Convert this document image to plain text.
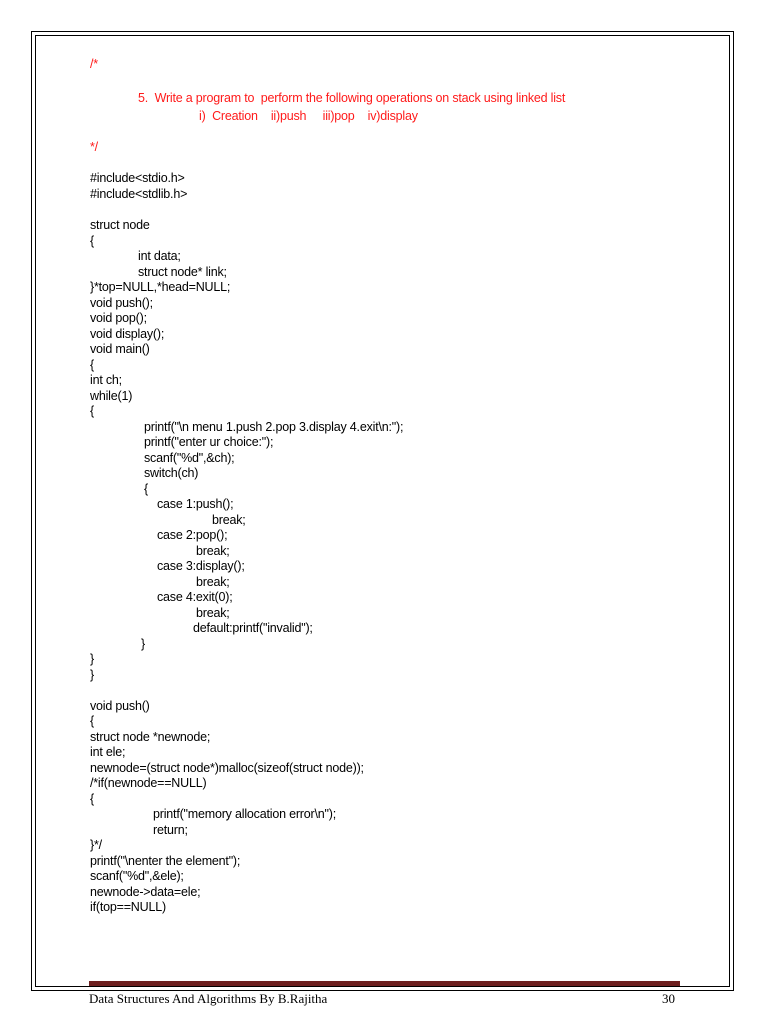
/*
5.  Write a program to  perform the following operations on stack using linked list
i)  Creation    ii)push     iii)pop    iv)display
*/
#include<stdio.h>
#include<stdlib.h>
struct node
{
int data;
struct node* link;
}*top=NULL,*head=NULL;
void push();
void pop();
void display();
void main()
{
int ch;
while(1)
{
printf("\n menu 1.push 2.pop 3.display 4.exit\n:");
printf("enter ur choice:");
scanf("%d",&ch);
switch(ch)
{
case 1:push();
break;
case 2:pop();
break;
case 3:display();
break;
case 4:exit(0);
break;
default:printf("invalid");
}
}
}
void push()
{
struct node *newnode;
int ele;
newnode=(struct node*)malloc(sizeof(struct node));
/*if(newnode==NULL)
{
printf("memory allocation error\n");
return;
}*/
printf("\nenter the element");
scanf("%d",&ele);
newnode->data=ele;
if(top==NULL)
Data Structures And Algorithms By B.Rajitha	30
